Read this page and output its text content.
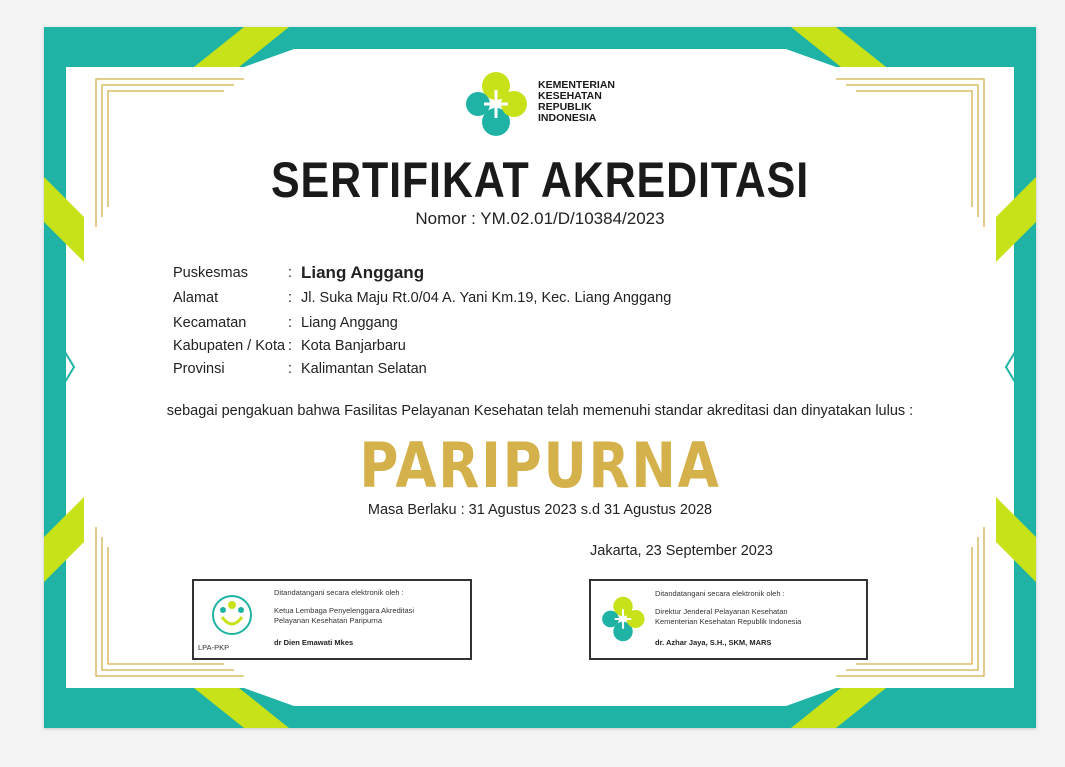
KEMENTERIAN
KESEHATAN
REPUBLIK
INDONESIA
SERTIFIKAT AKREDITASI
Nomor : YM.02.01/D/10384/2023
Puskesmas	: Liang Anggang
Alamat	: Jl. Suka Maju Rt.0/04 A. Yani Km.19, Kec. Liang Anggang
Kecamatan	: Liang Anggang
Kabupaten / Kota : Kota Banjarbaru
Provinsi	: Kalimantan Selatan
sebagai pengakuan bahwa Fasilitas Pelayanan Kesehatan telah memenuhi standar akreditasi dan dinyatakan lulus :
PARIPURNA
Masa Berlaku : 31 Agustus 2023 s.d 31 Agustus 2028
Jakarta, 23 September 2023
LPA-PKP
Ditandatangani secara elektronik oleh :
Ketua Lembaga Penyelenggara Akreditasi
Pelayanan Kesehatan Paripurna
dr Dien Emawati Mkes
Ditandatangani secara elektronik oleh :
Direktur Jenderal Pelayanan Kesehatan
Kementerian Kesehatan Republik Indonesia
dr. Azhar Jaya, S.H., SKM, MARS
